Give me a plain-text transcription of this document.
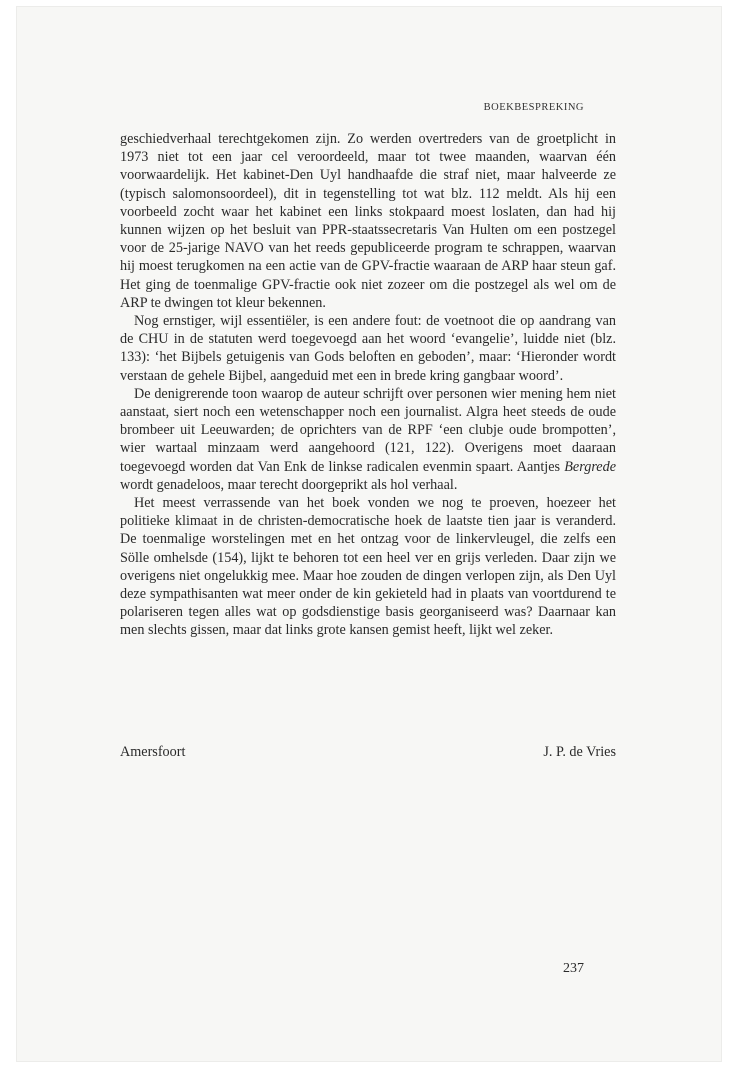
BOEKBESPREKING

geschiedverhaal terechtgekomen zijn. Zo werden overtreders van de groetplicht in 1973 niet tot een jaar cel veroordeeld, maar tot twee maanden, waarvan één voorwaardelijk. Het kabinet-Den Uyl handhaafde die straf niet, maar halveerde ze (typisch salomonsoordeel), dit in tegenstelling tot wat blz. 112 meldt. Als hij een voorbeeld zocht waar het kabinet een links stokpaard moest loslaten, dan had hij kunnen wijzen op het besluit van PPR-staatssecretaris Van Hulten om een postzegel voor de 25-jarige NAVO van het reeds gepubliceerde program te schrappen, waarvan hij moest terugkomen na een actie van de GPV-fractie waaraan de ARP haar steun gaf. Het ging de toenmalige GPV-fractie ook niet zozeer om die postzegel als wel om de ARP te dwingen tot kleur bekennen.

Nog ernstiger, wijl essentiëler, is een andere fout: de voetnoot die op aandrang van de CHU in de statuten werd toegevoegd aan het woord ‘evangelie’, luidde niet (blz. 133): ‘het Bijbels getuigenis van Gods beloften en geboden’, maar: ‘Hieronder wordt verstaan de gehele Bijbel, aangeduid met een in brede kring gangbaar woord’.

De denigrerende toon waarop de auteur schrijft over personen wier mening hem niet aanstaat, siert noch een wetenschapper noch een journalist. Algra heet steeds de oude brombeer uit Leeuwarden; de oprichters van de RPF ‘een clubje oude brompotten’, wier wartaal minzaam werd aangehoord (121, 122). Overigens moet daaraan toegevoegd worden dat Van Enk de linkse radicalen evenmin spaart. Aantjes Bergrede wordt genadeloos, maar terecht doorgeprikt als hol verhaal.

Het meest verrassende van het boek vonden we nog te proeven, hoezeer het politieke klimaat in de christen-democratische hoek de laatste tien jaar is veranderd. De toenmalige worstelingen met en het ontzag voor de linkervleugel, die zelfs een Sölle omhelsde (154), lijkt te behoren tot een heel ver en grijs verleden. Daar zijn we overigens niet ongelukkig mee. Maar hoe zouden de dingen verlopen zijn, als Den Uyl deze sympathisanten wat meer onder de kin gekieteld had in plaats van voortdurend te polariseren tegen alles wat op godsdienstige basis georganiseerd was? Daarnaar kan men slechts gissen, maar dat links grote kansen gemist heeft, lijkt wel zeker.

Amersfoort	J. P. de Vries
237
